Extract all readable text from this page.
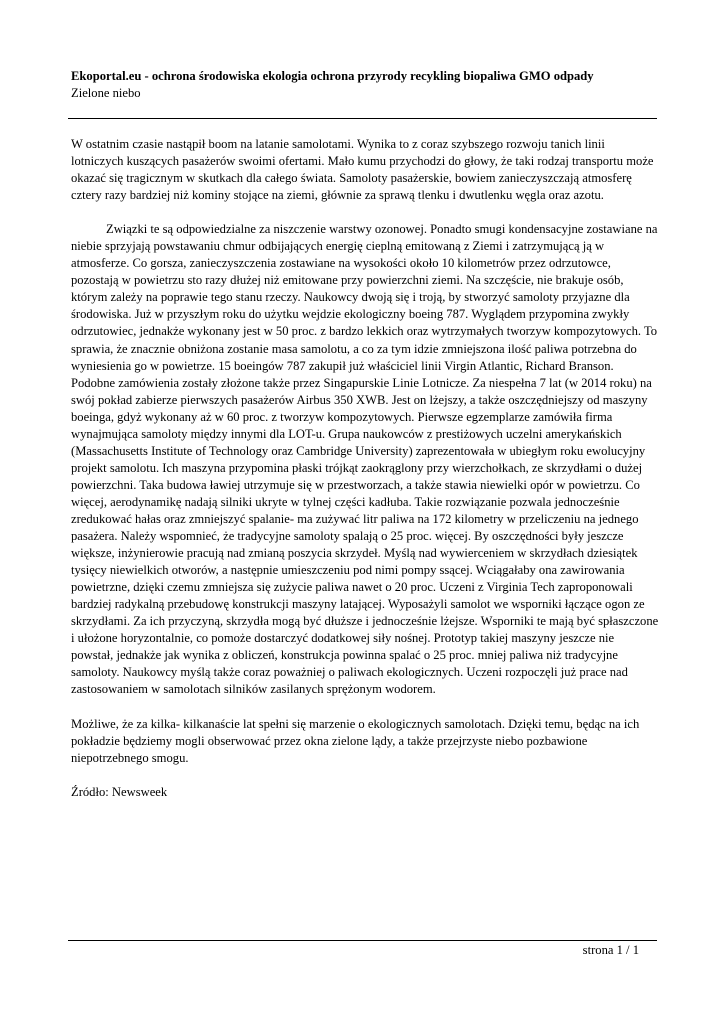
Ekoportal.eu - ochrona środowiska ekologia ochrona przyrody recykling biopaliwa GMO odpady

Zielone niebo

W ostatnim czasie nastąpił boom na latanie samolotami. Wynika to z coraz szybszego rozwoju tanich linii lotniczych kuszących pasażerów swoimi ofertami. Mało kumu przychodzi do głowy, że taki rodzaj transportu może okazać się tragicznym w skutkach dla całego świata. Samoloty pasażerskie, bowiem zanieczyszczają atmosferę cztery razy bardziej niż kominy stojące na ziemi, głównie za sprawą tlenku i dwutlenku węgla oraz azotu.

Związki te są odpowiedzialne za niszczenie warstwy ozonowej. Ponadto smugi kondensacyjne zostawiane na niebie sprzyjają powstawaniu chmur odbijających energię cieplną emitowaną z Ziemi i zatrzymującą ją w atmosferze. Co gorsza, zanieczyszczenia zostawiane na wysokości około 10 kilometrów przez odrzutowce, pozostają w powietrzu sto razy dłużej niż emitowane przy powierzchni ziemi. Na szczęście, nie brakuje osób, którym zależy na poprawie tego stanu rzeczy. Naukowcy dwoją się i troją, by stworzyć samoloty przyjazne dla środowiska. Już w przyszłym roku do użytku wejdzie ekologiczny boeing 787. Wyglądem przypomina zwykły odrzutowiec, jednakże wykonany jest w 50 proc. z bardzo lekkich oraz wytrzymałych tworzyw kompozytowych. To sprawia, że znacznie obniżona zostanie masa samolotu, a co za tym idzie zmniejszona ilość paliwa potrzebna do wyniesienia go w powietrze. 15 boeingów 787 zakupił już właściciel linii Virgin Atlantic, Richard Branson. Podobne zamówienia zostały złożone także przez Singapurskie Linie Lotnicze. Za niespełna 7 lat (w 2014 roku) na swój pokład zabierze pierwszych pasażerów Airbus 350 XWB. Jest on lżejszy, a także oszczędniejszy od maszyny boeinga, gdyż wykonany aż w 60 proc. z tworzyw kompozytowych. Pierwsze egzemplarze zamówiła firma wynajmująca samoloty między innymi dla LOT-u. Grupa naukowców z prestiżowych uczelni amerykańskich (Massachusetts Institute of Technology oraz Cambridge University) zaprezentowała w ubiegłym roku ewolucyjny projekt samolotu. Ich maszyna przypomina płaski trójkąt zaokrąglony przy wierzchołkach, ze skrzydłami o dużej powierzchni. Taka budowa ławiej utrzymuje się w przestworzach, a także stawia niewielki opór w powietrzu. Co więcej, aerodynamikę nadają silniki ukryte w tylnej części kadłuba. Takie rozwiązanie pozwala jednocześnie zredukować hałas oraz zmniejszyć spalanie- ma zużywać litr paliwa na 172 kilometry w przeliczeniu na jednego pasażera. Należy wspomnieć, że tradycyjne samoloty spalają o 25 proc. więcej. By oszczędności były jeszcze większe, inżynierowie pracują nad zmianą poszycia skrzydeł. Myślą nad wywierceniem w skrzydłach dziesiątek tysięcy niewielkich otworów, a następnie umieszczeniu pod nimi pompy ssącej. Wciągałaby ona zawirowania powietrzne, dzięki czemu zmniejsza się zużycie paliwa nawet o 20 proc. Uczeni z Virginia Tech zaproponowali bardziej radykalną przebudowę konstrukcji maszyny latającej. Wyposażyli samolot we wsporniki łączące ogon ze skrzydłami. Za ich przyczyną, skrzydła mogą być dłuższe i jednocześnie lżejsze. Wsporniki te mają być spłaszczone i ułożone horyzontalnie, co pomoże dostarczyć dodatkowej siły nośnej. Prototyp takiej maszyny jeszcze nie powstał, jednakże jak wynika z obliczeń, konstrukcja powinna spalać o 25 proc. mniej paliwa niż tradycyjne samoloty. Naukowcy myślą także coraz poważniej o paliwach ekologicznych. Uczeni rozpoczęli już prace nad zastosowaniem w samolotach silników zasilanych sprężonym wodorem.

Możliwe, że za kilka- kilkanaście lat spełni się marzenie o ekologicznych samolotach. Dzięki temu, będąc na ich pokładzie będziemy mogli obserwować przez okna zielone lądy, a także przejrzyste niebo pozbawione niepotrzebnego smogu.

Źródło: Newsweek

strona 1 / 1
